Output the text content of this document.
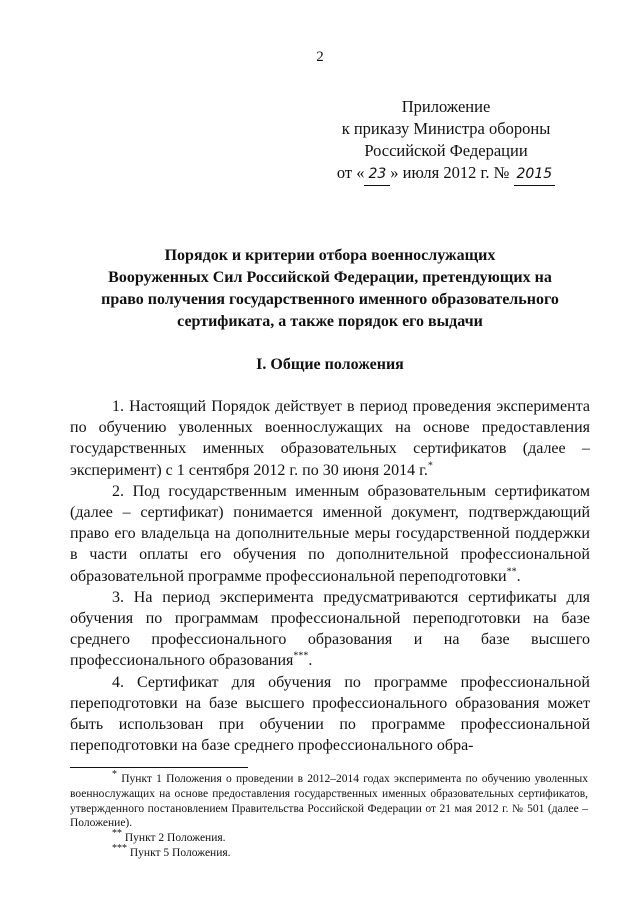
2
Приложение
к приказу Министра обороны
Российской Федерации
от « 23 » июля 2012 г. № 2015
Порядок и критерии отбора военнослужащих
Вооруженных Сил Российской Федерации, претендующих на
право получения государственного именного образовательного
сертификата, а также порядок его выдачи
I. Общие положения

1. Настоящий Порядок действует в период проведения эксперимента по обучению уволенных военнослужащих на основе предоставления государственных именных образовательных сертификатов (далее – эксперимент) с 1 сентября 2012 г. по 30 июня 2014 г.*

2. Под государственным именным образовательным сертификатом (далее – сертификат) понимается именной документ, подтверждающий право его владельца на дополнительные меры государственной поддержки в части оплаты его обучения по дополнительной профессиональной образовательной программе профессиональной переподготовки**.

3. На период эксперимента предусматриваются сертификаты для обучения по программам профессиональной переподготовки на базе среднего профессионального образования и на базе высшего профессионального образования***.

4. Сертификат для обучения по программе профессиональной переподготовки на базе высшего профессионального образования может быть использован при обучении по программе профессиональной переподготовки на базе среднего профессионального обра-

* Пункт 1 Положения о проведении в 2012–2014 годах эксперимента по обучению уволенных военнослужащих на основе предоставления государственных именных образовательных сертификатов, утвержденного постановлением Правительства Российской Федерации от 21 мая 2012 г. № 501 (далее – Положение).

** Пункт 2 Положения.

*** Пункт 5 Положения.
